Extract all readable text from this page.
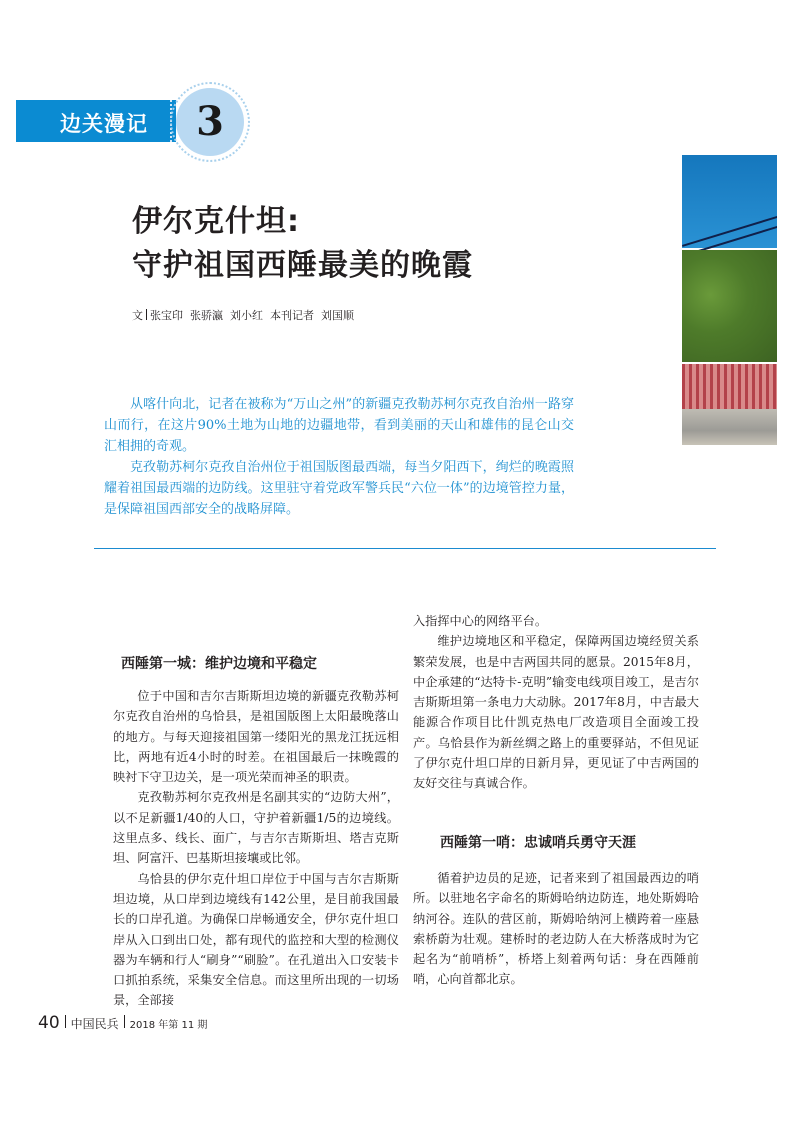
边关漫记	3
伊尔克什坦:
守护祖国西陲最美的晚霞
文 张宝印  张骄瀛  刘小红  本刊记者  刘国顺

从喀什向北，记者在被称为“万山之州”的新疆克孜勒苏柯尔克孜自治州一路穿山而行，在这片90%土地为山地的边疆地带，看到美丽的天山和雄伟的昆仑山交汇相拥的奇观。

克孜勒苏柯尔克孜自治州位于祖国版图最西端，每当夕阳西下，绚烂的晚霞照耀着祖国最西端的边防线。这里驻守着党政军警兵民“六位一体”的边境管控力量，是保障祖国西部安全的战略屏障。

西陲第一城：维护边境和平稳定

位于中国和吉尔吉斯斯坦边境的新疆克孜勒苏柯尔克孜自治州的乌恰县，是祖国版图上太阳最晚落山的地方。与每天迎接祖国第一缕阳光的黑龙江抚远相比，两地有近4小时的时差。在祖国最后一抹晚霞的映衬下守卫边关，是一项光荣而神圣的职责。

克孜勒苏柯尔克孜州是名副其实的“边防大州”，以不足新疆1/40的人口，守护着新疆1/5的边境线。这里点多、线长、面广，与吉尔吉斯斯坦、塔吉克斯坦、阿富汗、巴基斯坦接壤或比邻。

乌恰县的伊尔克什坦口岸位于中国与吉尔吉斯斯坦边境，从口岸到边境线有142公里，是目前我国最长的口岸孔道。为确保口岸畅通安全，伊尔克什坦口岸从入口到出口处，都有现代的监控和大型的检测仪器为车辆和行人“刷身”“刷脸”。在孔道出入口安装卡口抓拍系统，采集安全信息。而这里所出现的一切场景，全部接

入指挥中心的网络平台。

维护边境地区和平稳定，保障两国边境经贸关系繁荣发展，也是中吉两国共同的愿景。2015年8月，中企承建的“达特卡-克明”输变电线项目竣工，是吉尔吉斯斯坦第一条电力大动脉。2017年8月，中吉最大能源合作项目比什凯克热电厂改造项目全面竣工投产。乌恰县作为新丝绸之路上的重要驿站，不但见证了伊尔克什坦口岸的日新月异，更见证了中吉两国的友好交往与真诚合作。

西陲第一哨：忠诚哨兵勇守天涯

循着护边员的足迹，记者来到了祖国最西边的哨所。以驻地名字命名的斯姆哈纳边防连，地处斯姆哈纳河谷。连队的营区前，斯姆哈纳河上横跨着一座悬索桥蔚为壮观。建桥时的老边防人在大桥落成时为它起名为“前哨桥”，桥塔上刻着两句话：身在西陲前哨，心向首都北京。

40 中国民兵 2018 年第 11 期
